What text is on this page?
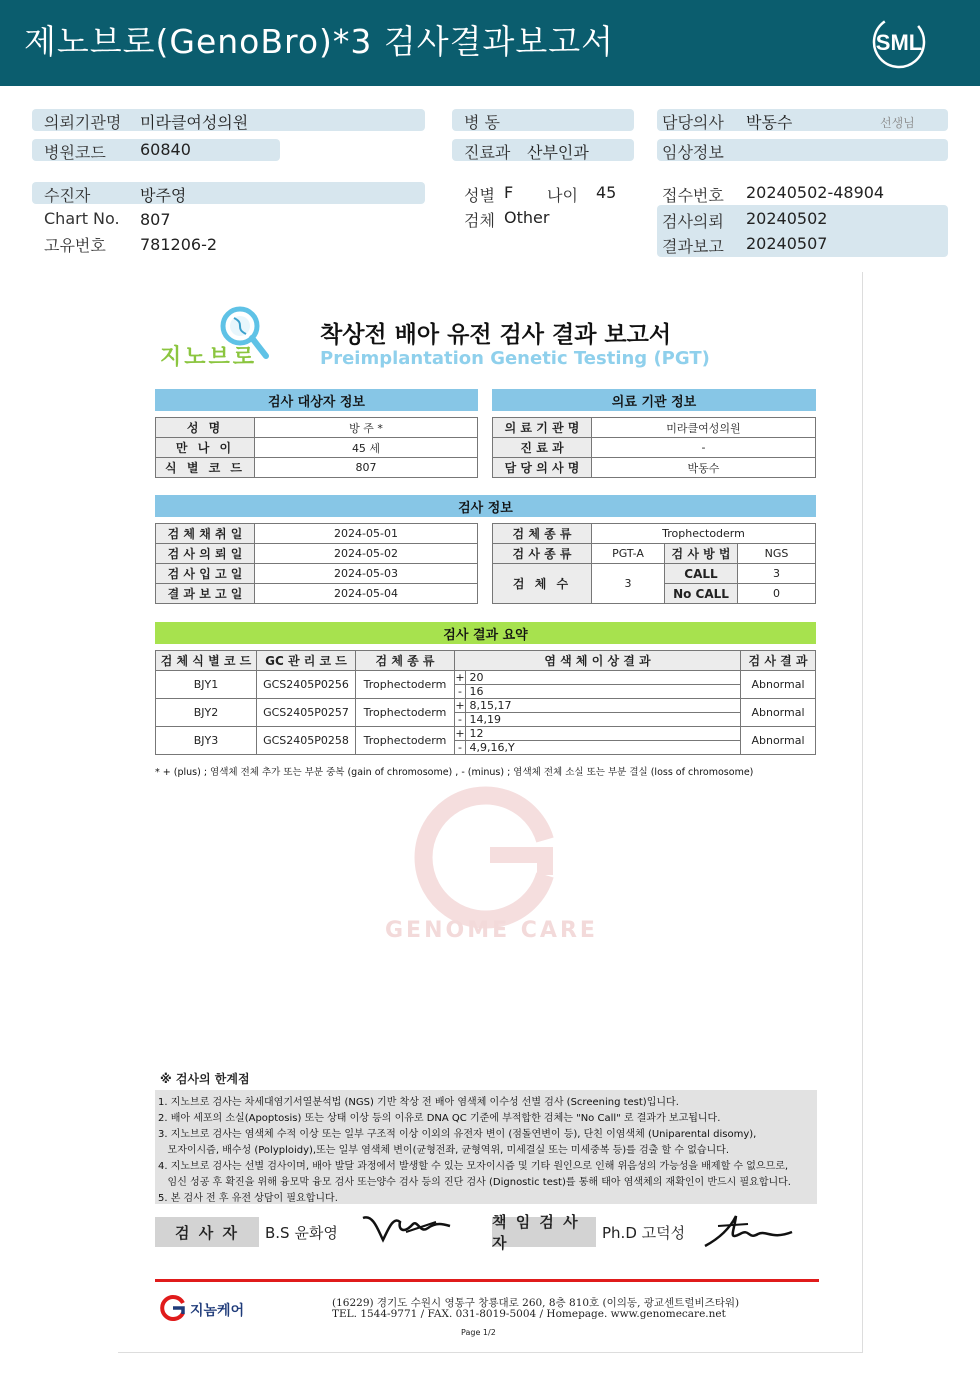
제노브로(GenoBro)*3 검사결과보고서	SML
의뢰기관명 미라클여성의원
병원코드 60840
병 동
진료과 산부인과
담당의사 박동수	선생님
임상정보
수진자	방주영
Chart No. 807
고유번호 781206-2
성별 F 나이 45
검체 Other
접수번호 20240502-48904
검사의뢰 20240502
결과보고 20240507
지노브로
착상전 배아 유전 검사 결과 보고서
Preimplantation Genetic Testing (PGT)
검사 대상자 정보	의료 기관 정보
성 명	방 주 *
만 나 이	45 세
식 별 코 드	807
의 료 기 관 명	미라클여성의원
진 료 과	-
담 당 의 사 명	박동수
검사 정보
검 체 채 취 일	2024-05-01
검 사 의 뢰 일	2024-05-02
검 사 입 고 일	2024-05-03
결 과 보 고 일	2024-05-04
검 체 종 류	Trophectoderm		
검 사 종 류	PGT-A	검 사 방 법	NGS
검 체 수	3	CALL	3
		No CALL	0
검사 결과 요약
검 체 식 별 코 드	GC 관 리 코 드	검 체 종 류	염 색 체 이 상 결 과	검 사 결 과
BJY1	GCS2405P0256	Trophectoderm	+ 20
- 16	Abnormal
BJY2	GCS2405P0257	Trophectoderm	+ 8,15,17
- 14,19	Abnormal
BJY3	GCS2405P0258	Trophectoderm	+ 12
- 4,9,16,Y	Abnormal
* + (plus) ; 염색체 전체 추가 또는 부분 중복 (gain of chromosome) , - (minus) ; 염색체 전체 소실 또는 부분 결실 (loss of chromosome)
GENOME CARE
※ 검사의 한계점
1. 지노브로 검사는 차세대염기서열분석법 (NGS) 기반 착상 전 배아 염색체 이수성 선별 검사 (Screening test)입니다.
2. 배아 세포의 소실(Apoptosis) 또는 상태 이상 등의 이유로 DNA QC 기준에 부적합한 검체는 "No Call" 로 결과가 보고됩니다.
3. 지노브로 검사는 염색체 수적 이상 또는 일부 구조적 이상 이외의 유전자 변이 (점돌연변이 등), 단친 이염색체 (Uniparental disomy),
모자이시즘, 배수성 (Polyploidy),또는 일부 염색체 변이(균형전좌, 균형역위, 미세결실 또는 미세중복 등)를 검출 할 수 없습니다.
4. 지노브로 검사는 선별 검사이며, 배아 발달 과정에서 발생할 수 있는 모자이시즘 및 기타 원인으로 인해 위음성의 가능성을 배제할 수 없으므로,
임신 성공 후 확진을 위해 융모막 융모 검사 또는양수 검사 등의 진단 검사 (Dignostic test)를 통해 태아 염색체의 재확인이 반드시 필요합니다.
5. 본 검사 전 후 유전 상담이 필요합니다.
검 사 자	B.S 윤화영
책 임 검 사 자
Ph.D 고덕성
지놈케어	(16229) 경기도 수원시 영통구 창룡대로 260, 8층 810호 (이의동, 광교센트럴비즈타워)
TEL. 1544-9771 / FAX. 031-8019-5004 / Homepage. www.genomecare.net
Page 1/2
